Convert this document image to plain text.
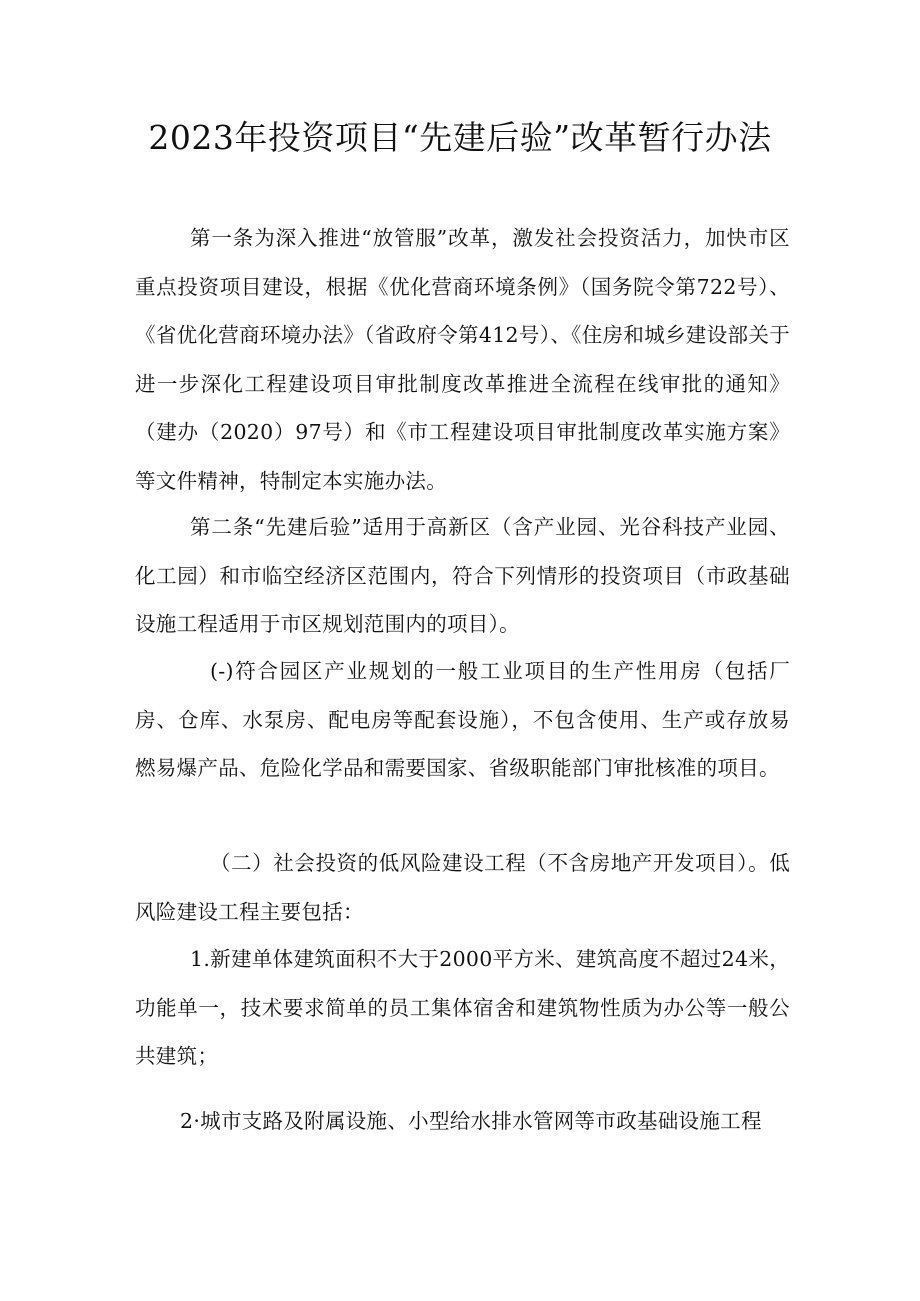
2023年投资项目“先建后验”改革暂行办法

第一条为深入推进“放管服”改革，激发社会投资活力，加快市区重点投资项目建设，根据《优化营商环境条例》（国务院令第722号）、《省优化营商环境办法》（省政府令第412号）、《住房和城乡建设部关于进一步深化工程建设项目审批制度改革推进全流程在线审批的通知》（建办（2020）97号）和《市工程建设项目审批制度改革实施方案》等文件精神，特制定本实施办法。

第二条“先建后验”适用于高新区（含产业园、光谷科技产业园、化工园）和市临空经济区范围内，符合下列情形的投资项目（市政基础设施工程适用于市区规划范围内的项目）。

(-)符合园区产业规划的一般工业项目的生产性用房（包括厂房、仓库、水泵房、配电房等配套设施），不包含使用、生产或存放易燃易爆产品、危险化学品和需要国家、省级职能部门审批核准的项目。

（二）社会投资的低风险建设工程（不含房地产开发项目）。低风险建设工程主要包括：

1.新建单体建筑面积不大于2000平方米、建筑高度不超过24米，功能单一，技术要求简单的员工集体宿舍和建筑物性质为办公等一般公共建筑；

2·城市支路及附属设施、小型给水排水管网等市政基础设施工程
